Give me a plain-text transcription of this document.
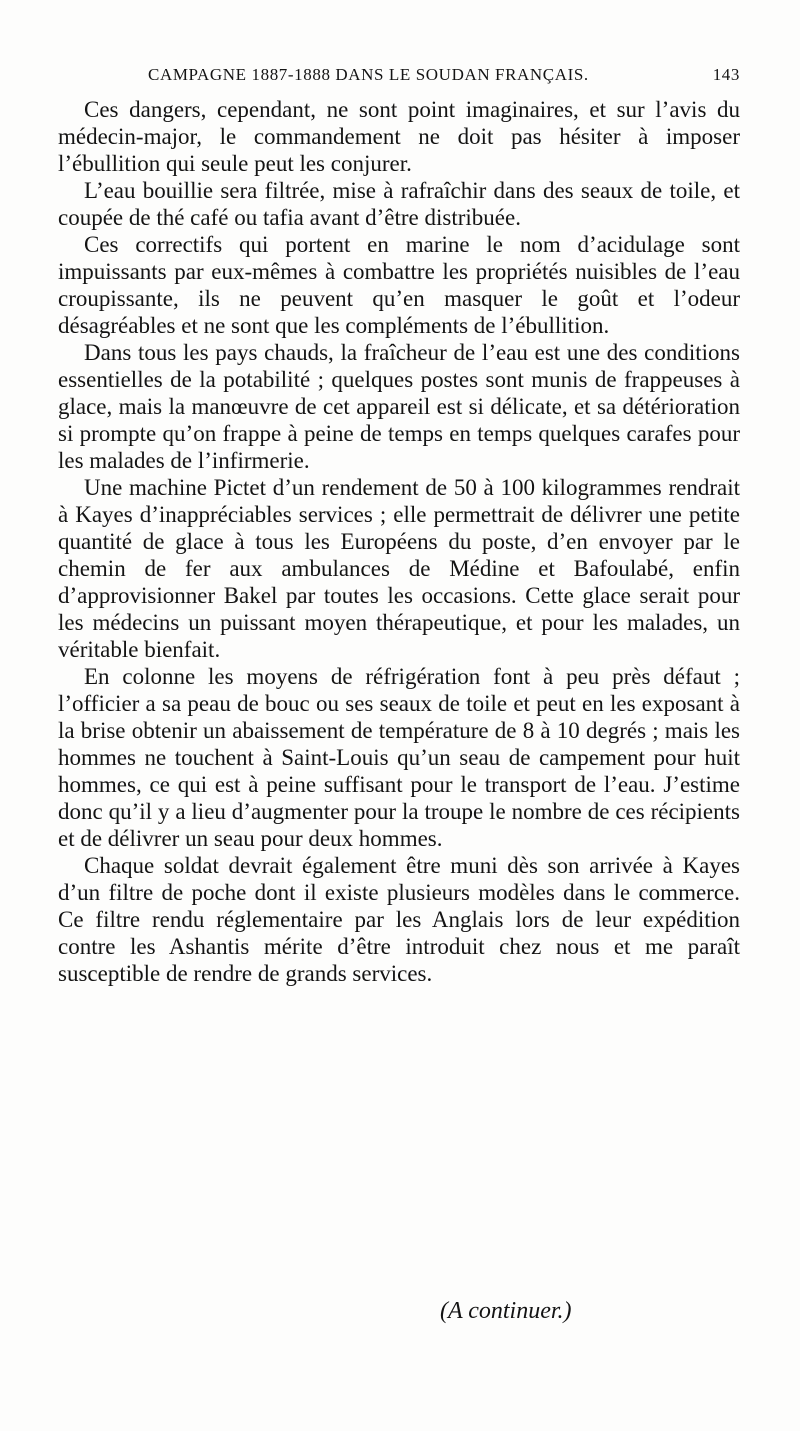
CAMPAGNE 1887-1888 DANS LE SOUDAN FRANÇAIS.	143

Ces dangers, cependant, ne sont point imaginaires, et sur l’avis du médecin-major, le commandement ne doit pas hésiter à imposer l’ébullition qui seule peut les conjurer.

L’eau bouillie sera filtrée, mise à rafraîchir dans des seaux de toile, et coupée de thé café ou tafia avant d’être distribuée.

Ces correctifs qui portent en marine le nom d’acidulage sont impuissants par eux-mêmes à combattre les propriétés nuisibles de l’eau croupissante, ils ne peuvent qu’en masquer le goût et l’odeur désagréables et ne sont que les compléments de l’ébullition.

Dans tous les pays chauds, la fraîcheur de l’eau est une des conditions essentielles de la potabilité ; quelques postes sont munis de frappeuses à glace, mais la manœuvre de cet appareil est si délicate, et sa détérioration si prompte qu’on frappe à peine de temps en temps quelques carafes pour les malades de l’infirmerie.

Une machine Pictet d’un rendement de 50 à 100 kilogrammes rendrait à Kayes d’inappréciables services ; elle permettrait de délivrer une petite quantité de glace à tous les Européens du poste, d’en envoyer par le chemin de fer aux ambulances de Médine et Bafoulabé, enfin d’approvisionner Bakel par toutes les occasions. Cette glace serait pour les médecins un puissant moyen thérapeutique, et pour les malades, un véritable bienfait.

En colonne les moyens de réfrigération font à peu près défaut ; l’officier a sa peau de bouc ou ses seaux de toile et peut en les exposant à la brise obtenir un abaissement de température de 8 à 10 degrés ; mais les hommes ne touchent à Saint-Louis qu’un seau de campement pour huit hommes, ce qui est à peine suffisant pour le transport de l’eau. J’estime donc qu’il y a lieu d’augmenter pour la troupe le nombre de ces récipients et de délivrer un seau pour deux hommes.

Chaque soldat devrait également être muni dès son arrivée à Kayes d’un filtre de poche dont il existe plusieurs modèles dans le commerce. Ce filtre rendu réglementaire par les Anglais lors de leur expédition contre les Ashantis mérite d’être introduit chez nous et me paraît susceptible de rendre de grands services.

(A continuer.)
